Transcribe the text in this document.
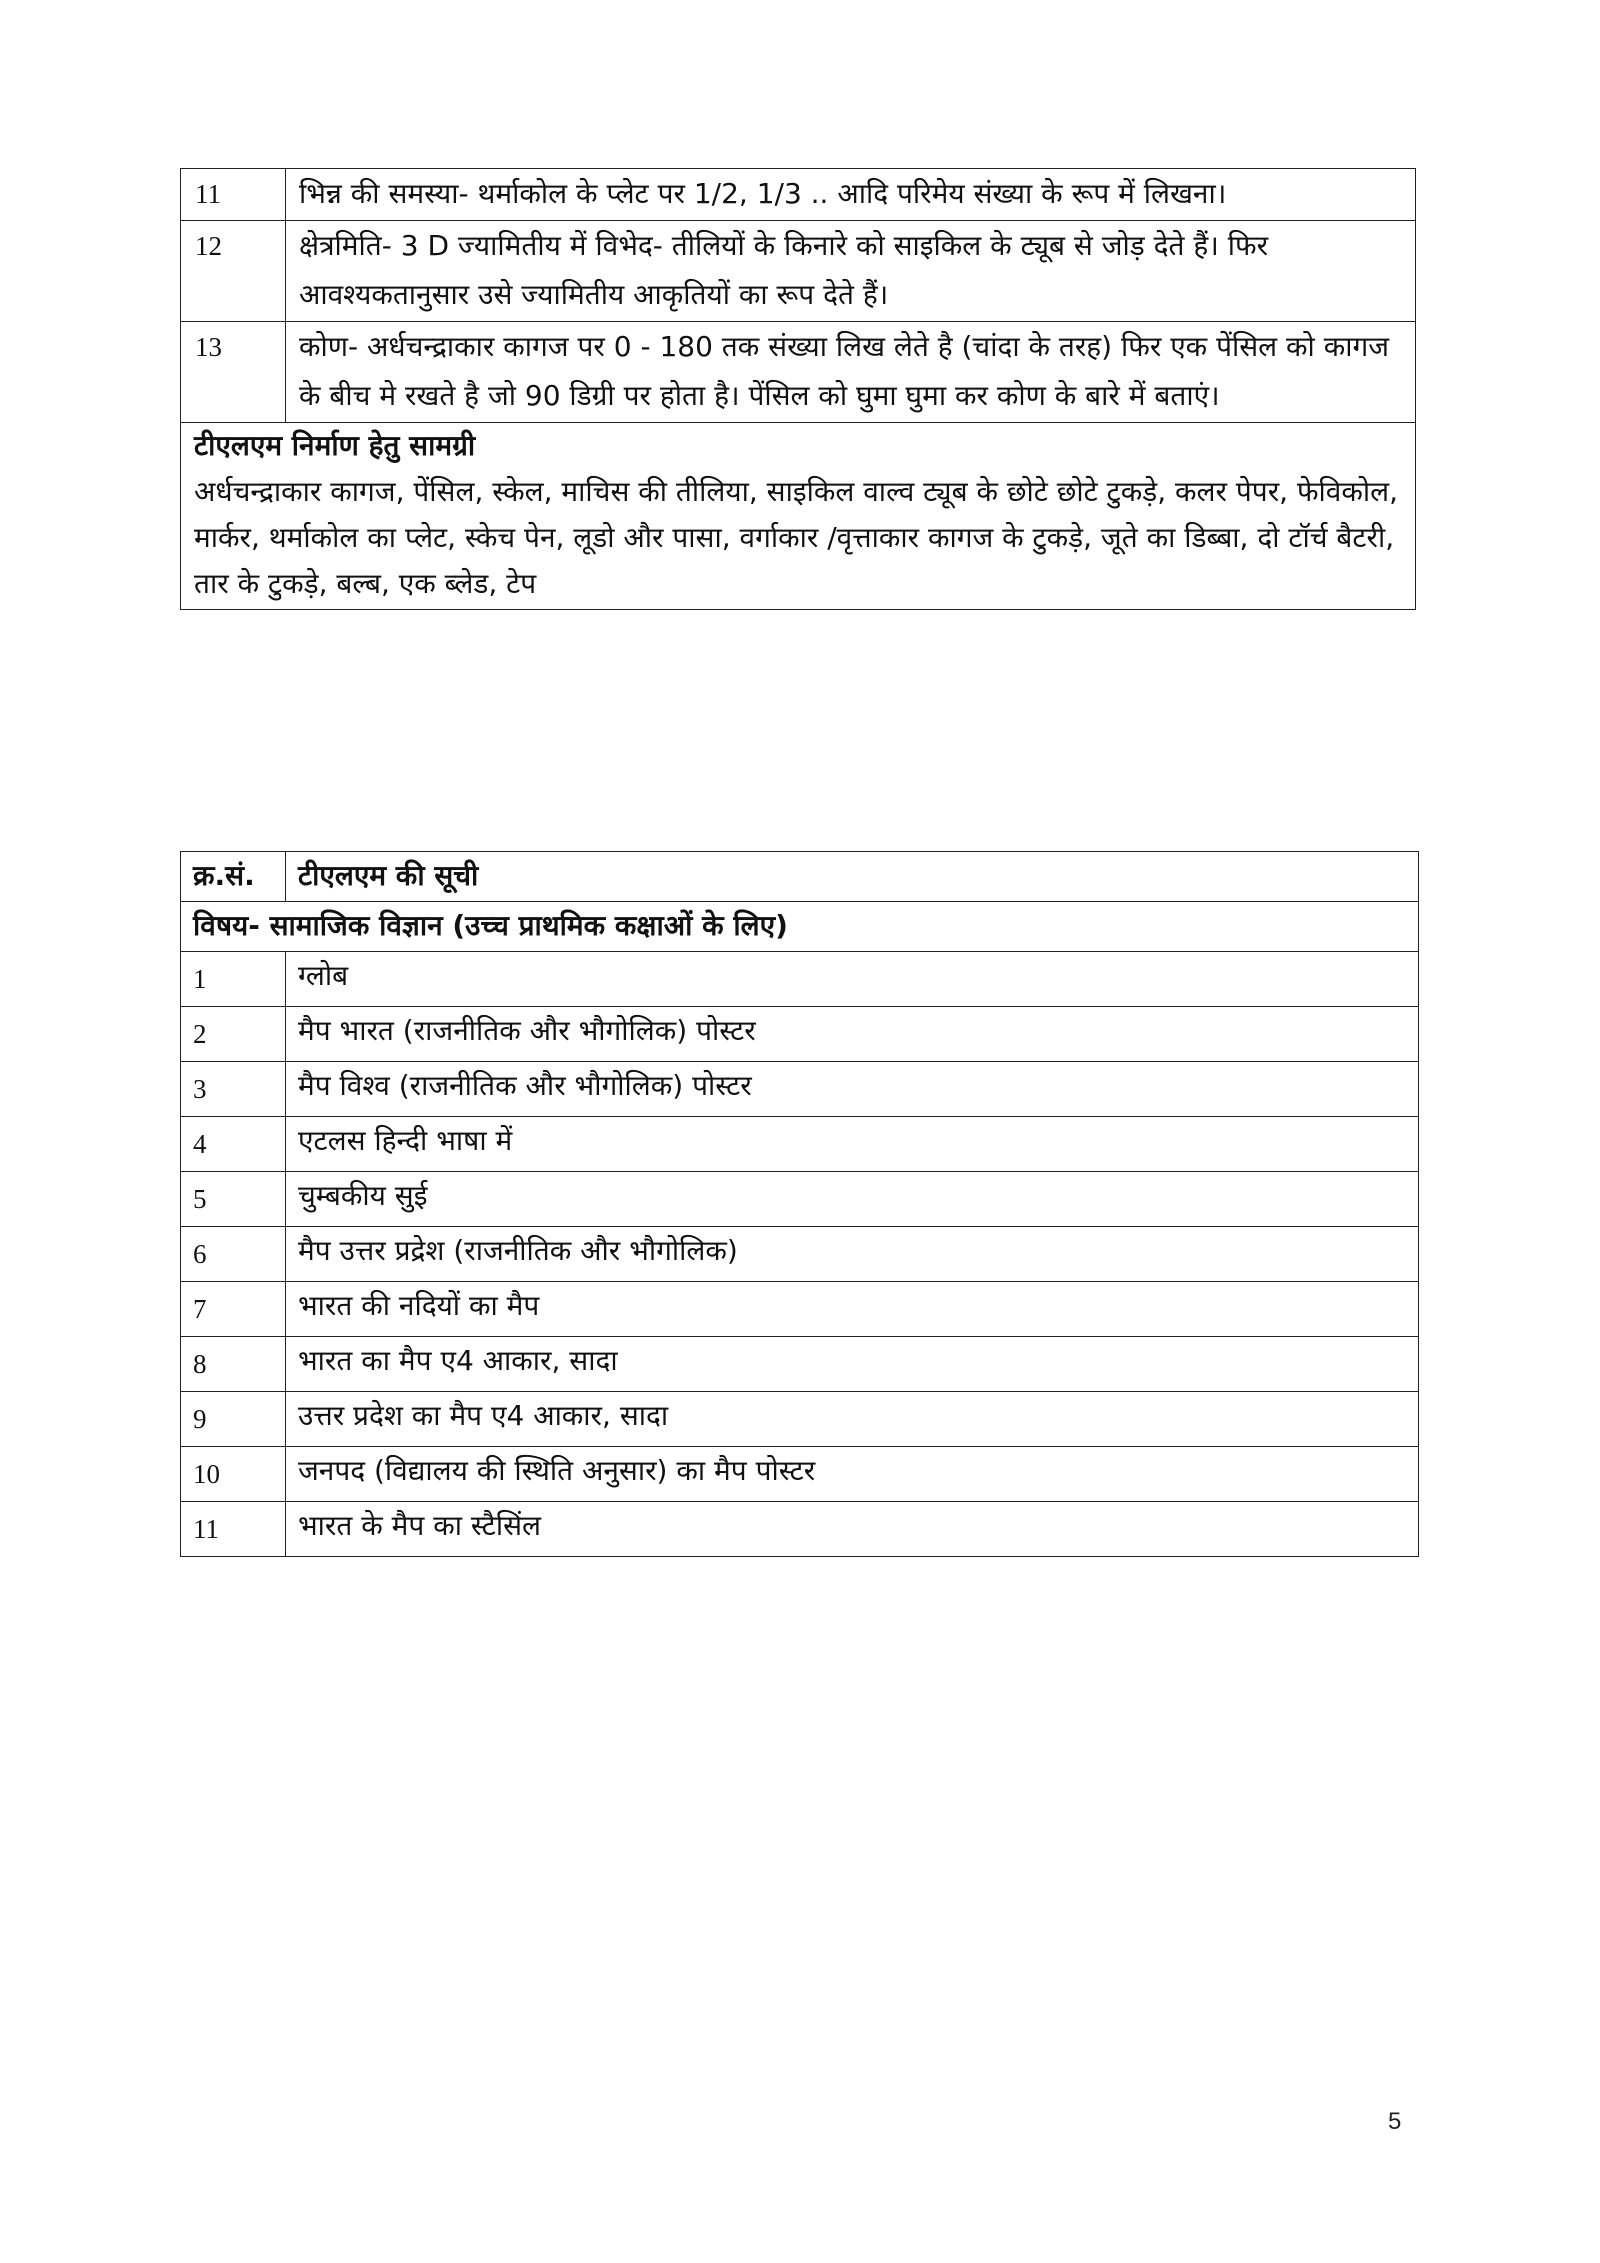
11	भिन्न की समस्या- थर्माकोल के प्लेट पर 1/2, 1/3 .. आदि परिमेय संख्या के रूप में लिखना।
12	क्षेत्रमिति- 3 D ज्यामितीय में विभेद- तीलियों के किनारे को साइकिल के ट्यूब से जोड़ देते हैं। फिर आवश्यकतानुसार उसे ज्यामितीय आकृतियों का रूप देते हैं।
13	कोण- अर्धचन्द्राकार कागज पर 0 - 180 तक संख्या लिख लेते है (चांदा के तरह) फिर एक पेंसिल को कागज के बीच मे रखते है जो 90 डिग्री पर होता है। पेंसिल को घुमा घुमा कर कोण के बारे में बताएं।

टीएलएम निर्माण हेतु सामग्री
अर्धचन्द्राकार कागज, पेंसिल, स्केल, माचिस की तीलिया, साइकिल वाल्व ट्यूब के छोटे छोटे टुकड़े, कलर पेपर, फेविकोल, मार्कर, थर्माकोल का प्लेट, स्केच पेन, लूडो और पासा, वर्गाकार /वृत्ताकार कागज के टुकड़े, जूते का डिब्बा, दो टॉर्च बैटरी, तार के टुकड़े, बल्ब, एक ब्लेड, टेप	
क्र.सं.	टीएलएम की सूची
विषय- सामाजिक विज्ञान (उच्च प्राथमिक कक्षाओं के लिए)	
1	ग्लोब
2	मैप भारत (राजनीतिक और भौगोलिक) पोस्टर
3	मैप विश्व (राजनीतिक और भौगोलिक) पोस्टर
4	एटलस हिन्दी भाषा में
5	चुम्बकीय सुई
6	मैप उत्तर प्रद्रेश (राजनीतिक और भौगोलिक)
7	भारत की नदियों का मैप
8	भारत का मैप ए4 आकार, सादा
9	उत्तर प्रदेश का मैप ए4 आकार, सादा
10	जनपद (विद्यालय की स्थिति अनुसार) का मैप पोस्टर
11	भारत के मैप का स्टैसिंल
5
